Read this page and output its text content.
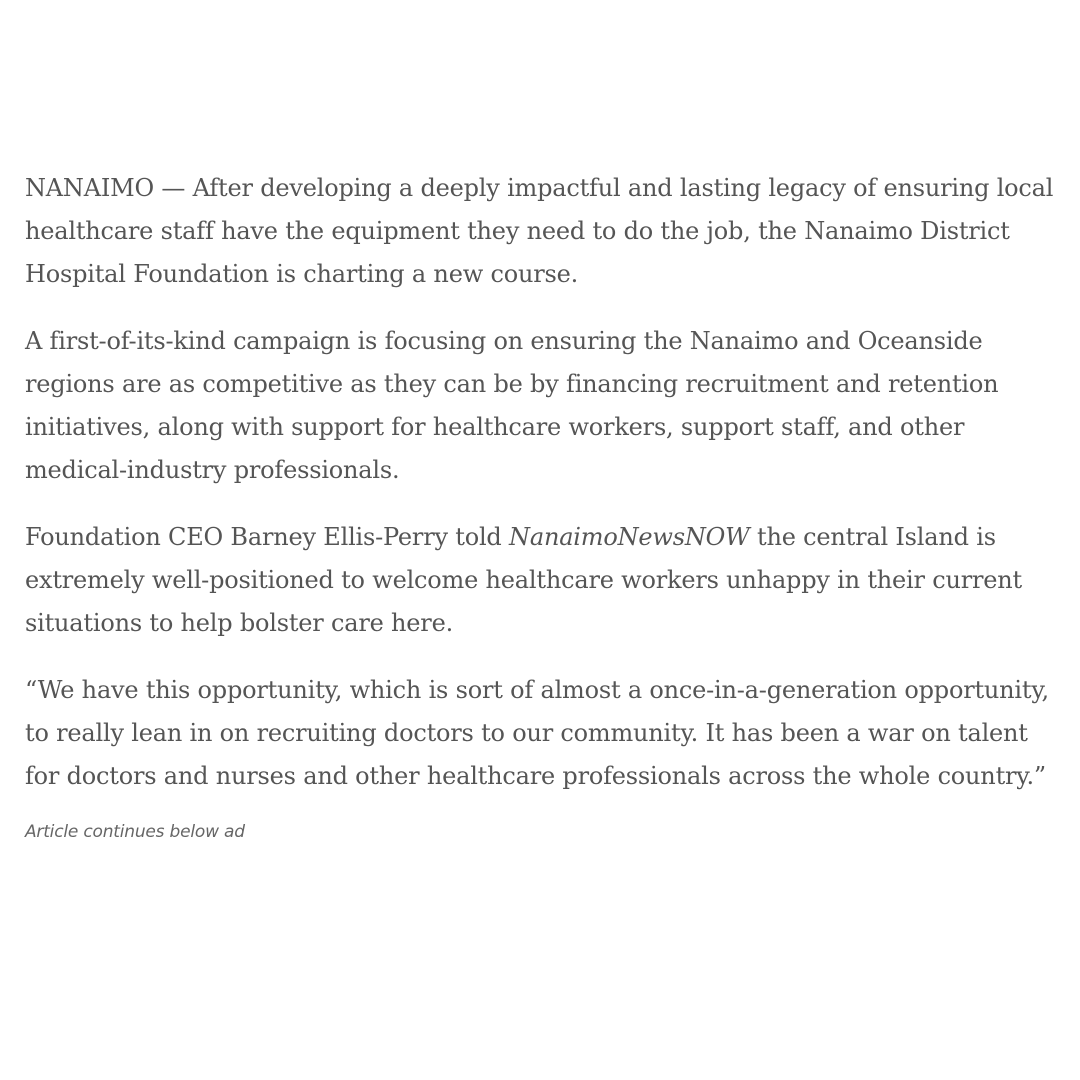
NANAIMO — After developing a deeply impactful and lasting legacy of ensuring local healthcare staff have the equipment they need to do the job, the Nanaimo District Hospital Foundation is charting a new course.

A first-of-its-kind campaign is focusing on ensuring the Nanaimo and Oceanside regions are as competitive as they can be by financing recruitment and retention initiatives, along with support for healthcare workers, support staff, and other medical-industry professionals.

Foundation CEO Barney Ellis-Perry told NanaimoNewsNOW the central Island is extremely well-positioned to welcome healthcare workers unhappy in their current situations to help bolster care here.

“We have this opportunity, which is sort of almost a once-in-a-generation opportunity, to really lean in on recruiting doctors to our community. It has been a war on talent for doctors and nurses and other healthcare professionals across the whole country.”

Article continues below ad
